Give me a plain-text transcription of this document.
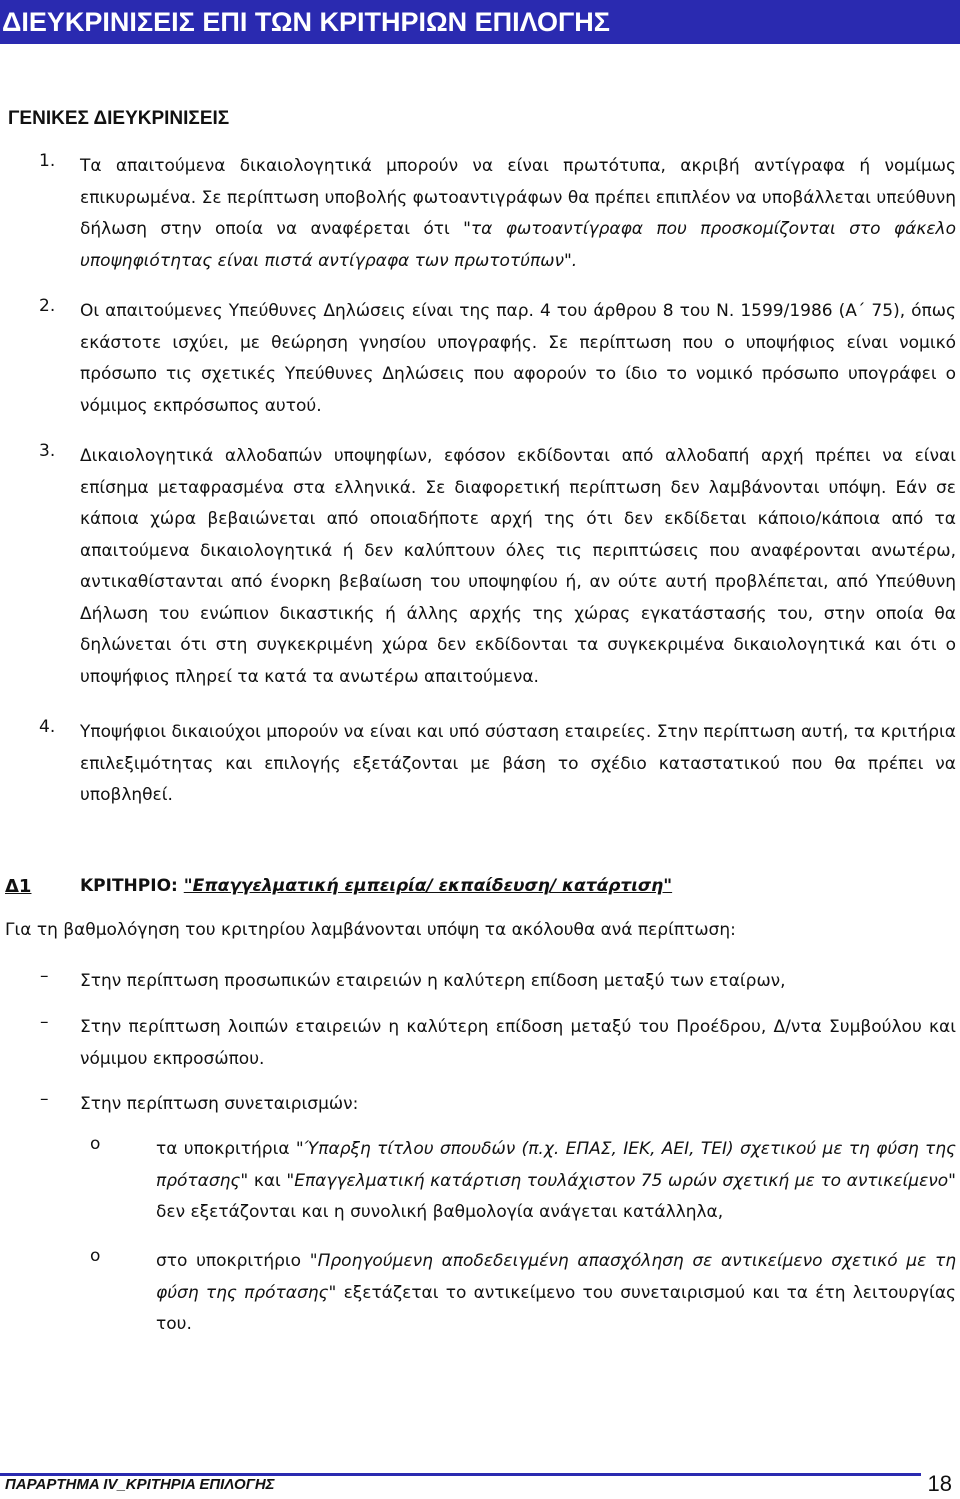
ΔΙΕΥΚΡΙΝΙΣΕΙΣ ΕΠΙ ΤΩΝ ΚΡΙΤΗΡΙΩΝ ΕΠΙΛΟΓΗΣ
ΓΕΝΙΚΕΣ ΔΙΕΥΚΡΙΝΙΣΕΙΣ
1.	Τα απαιτούμενα δικαιολογητικά μπορούν να είναι πρωτότυπα, ακριβή αντίγραφα ή νομίμως επικυρωμένα. Σε περίπτωση υποβολής φωτοαντιγράφων θα πρέπει επιπλέον να υποβάλλεται υπεύθυνη δήλωση στην οποία να αναφέρεται ότι "τα φωτοαντίγραφα που προσκομίζονται στο φάκελο υποψηφιότητας είναι πιστά αντίγραφα των πρωτοτύπων".
2. Οι απαιτούμενες Υπεύθυνες Δηλώσεις είναι της παρ. 4 του άρθρου 8 του Ν. 1599/1986 (Α΄ 75), όπως εκάστοτε ισχύει, με θεώρηση γνησίου υπογραφής. Σε περίπτωση που ο υποψήφιος είναι νομικό πρόσωπο τις σχετικές Υπεύθυνες Δηλώσεις που αφορούν το ίδιο το νομικό πρόσωπο υπογράφει ο νόμιμος εκπρόσωπος αυτού.
3. Δικαιολογητικά αλλοδαπών υποψηφίων, εφόσον εκδίδονται από αλλοδαπή αρχή πρέπει να είναι επίσημα μεταφρασμένα στα ελληνικά. Σε διαφορετική περίπτωση δεν λαμβάνονται υπόψη. Εάν σε κάποια χώρα βεβαιώνεται από οποιαδήποτε αρχή της ότι δεν εκδίδεται κάποιο/κάποια από τα απαιτούμενα δικαιολογητικά ή δεν καλύπτουν όλες τις περιπτώσεις που αναφέρονται ανωτέρω, αντικαθίστανται από ένορκη βεβαίωση του υποψηφίου ή, αν ούτε αυτή προβλέπεται, από Υπεύθυνη Δήλωση του ενώπιον δικαστικής ή άλλης αρχής της χώρας εγκατάστασής του, στην οποία θα δηλώνεται ότι στη συγκεκριμένη χώρα δεν εκδίδονται τα συγκεκριμένα δικαιολογητικά και ότι ο υποψήφιος πληρεί τα κατά τα ανωτέρω απαιτούμενα.
4. Υποψήφιοι δικαιούχοι μπορούν να είναι και υπό σύσταση εταιρείες. Στην περίπτωση αυτή, τα κριτήρια επιλεξιμότητας και επιλογής εξετάζονται με βάση το σχέδιο καταστατικού που θα πρέπει να υποβληθεί.
Δ1	ΚΡΙΤΗΡΙΟ: "Επαγγελματική εμπειρία/ εκπαίδευση/ κατάρτιση"
Για τη βαθμολόγηση του κριτηρίου λαμβάνονται υπόψη τα ακόλουθα ανά περίπτωση:
– Στην περίπτωση προσωπικών εταιρειών η καλύτερη επίδοση μεταξύ των εταίρων,
– Στην περίπτωση λοιπών εταιρειών η καλύτερη επίδοση μεταξύ του Προέδρου, Δ/ντα Συμβούλου και νόμιμου εκπροσώπου.
– Στην περίπτωση συνεταιρισμών:
o	τα υποκριτήρια "Ύπαρξη τίτλου σπουδών (π.χ. ΕΠΑΣ, ΙΕΚ, ΑΕΙ, ΤΕΙ) σχετικού με τη φύση της πρότασης" και "Επαγγελματική κατάρτιση τουλάχιστον 75 ωρών σχετική με το αντικείμενο" δεν εξετάζονται και η συνολική βαθμολογία ανάγεται κατάλληλα,
o	στο υποκριτήριο "Προηγούμενη αποδεδειγμένη απασχόληση σε αντικείμενο σχετικό με τη φύση της πρότασης" εξετάζεται το αντικείμενο του συνεταιρισμού και τα έτη λειτουργίας του.
ΠΑΡΑΡΤΗΜΑ IV_ΚΡΙΤΗΡΙΑ ΕΠΙΛΟΓΗΣ	18
